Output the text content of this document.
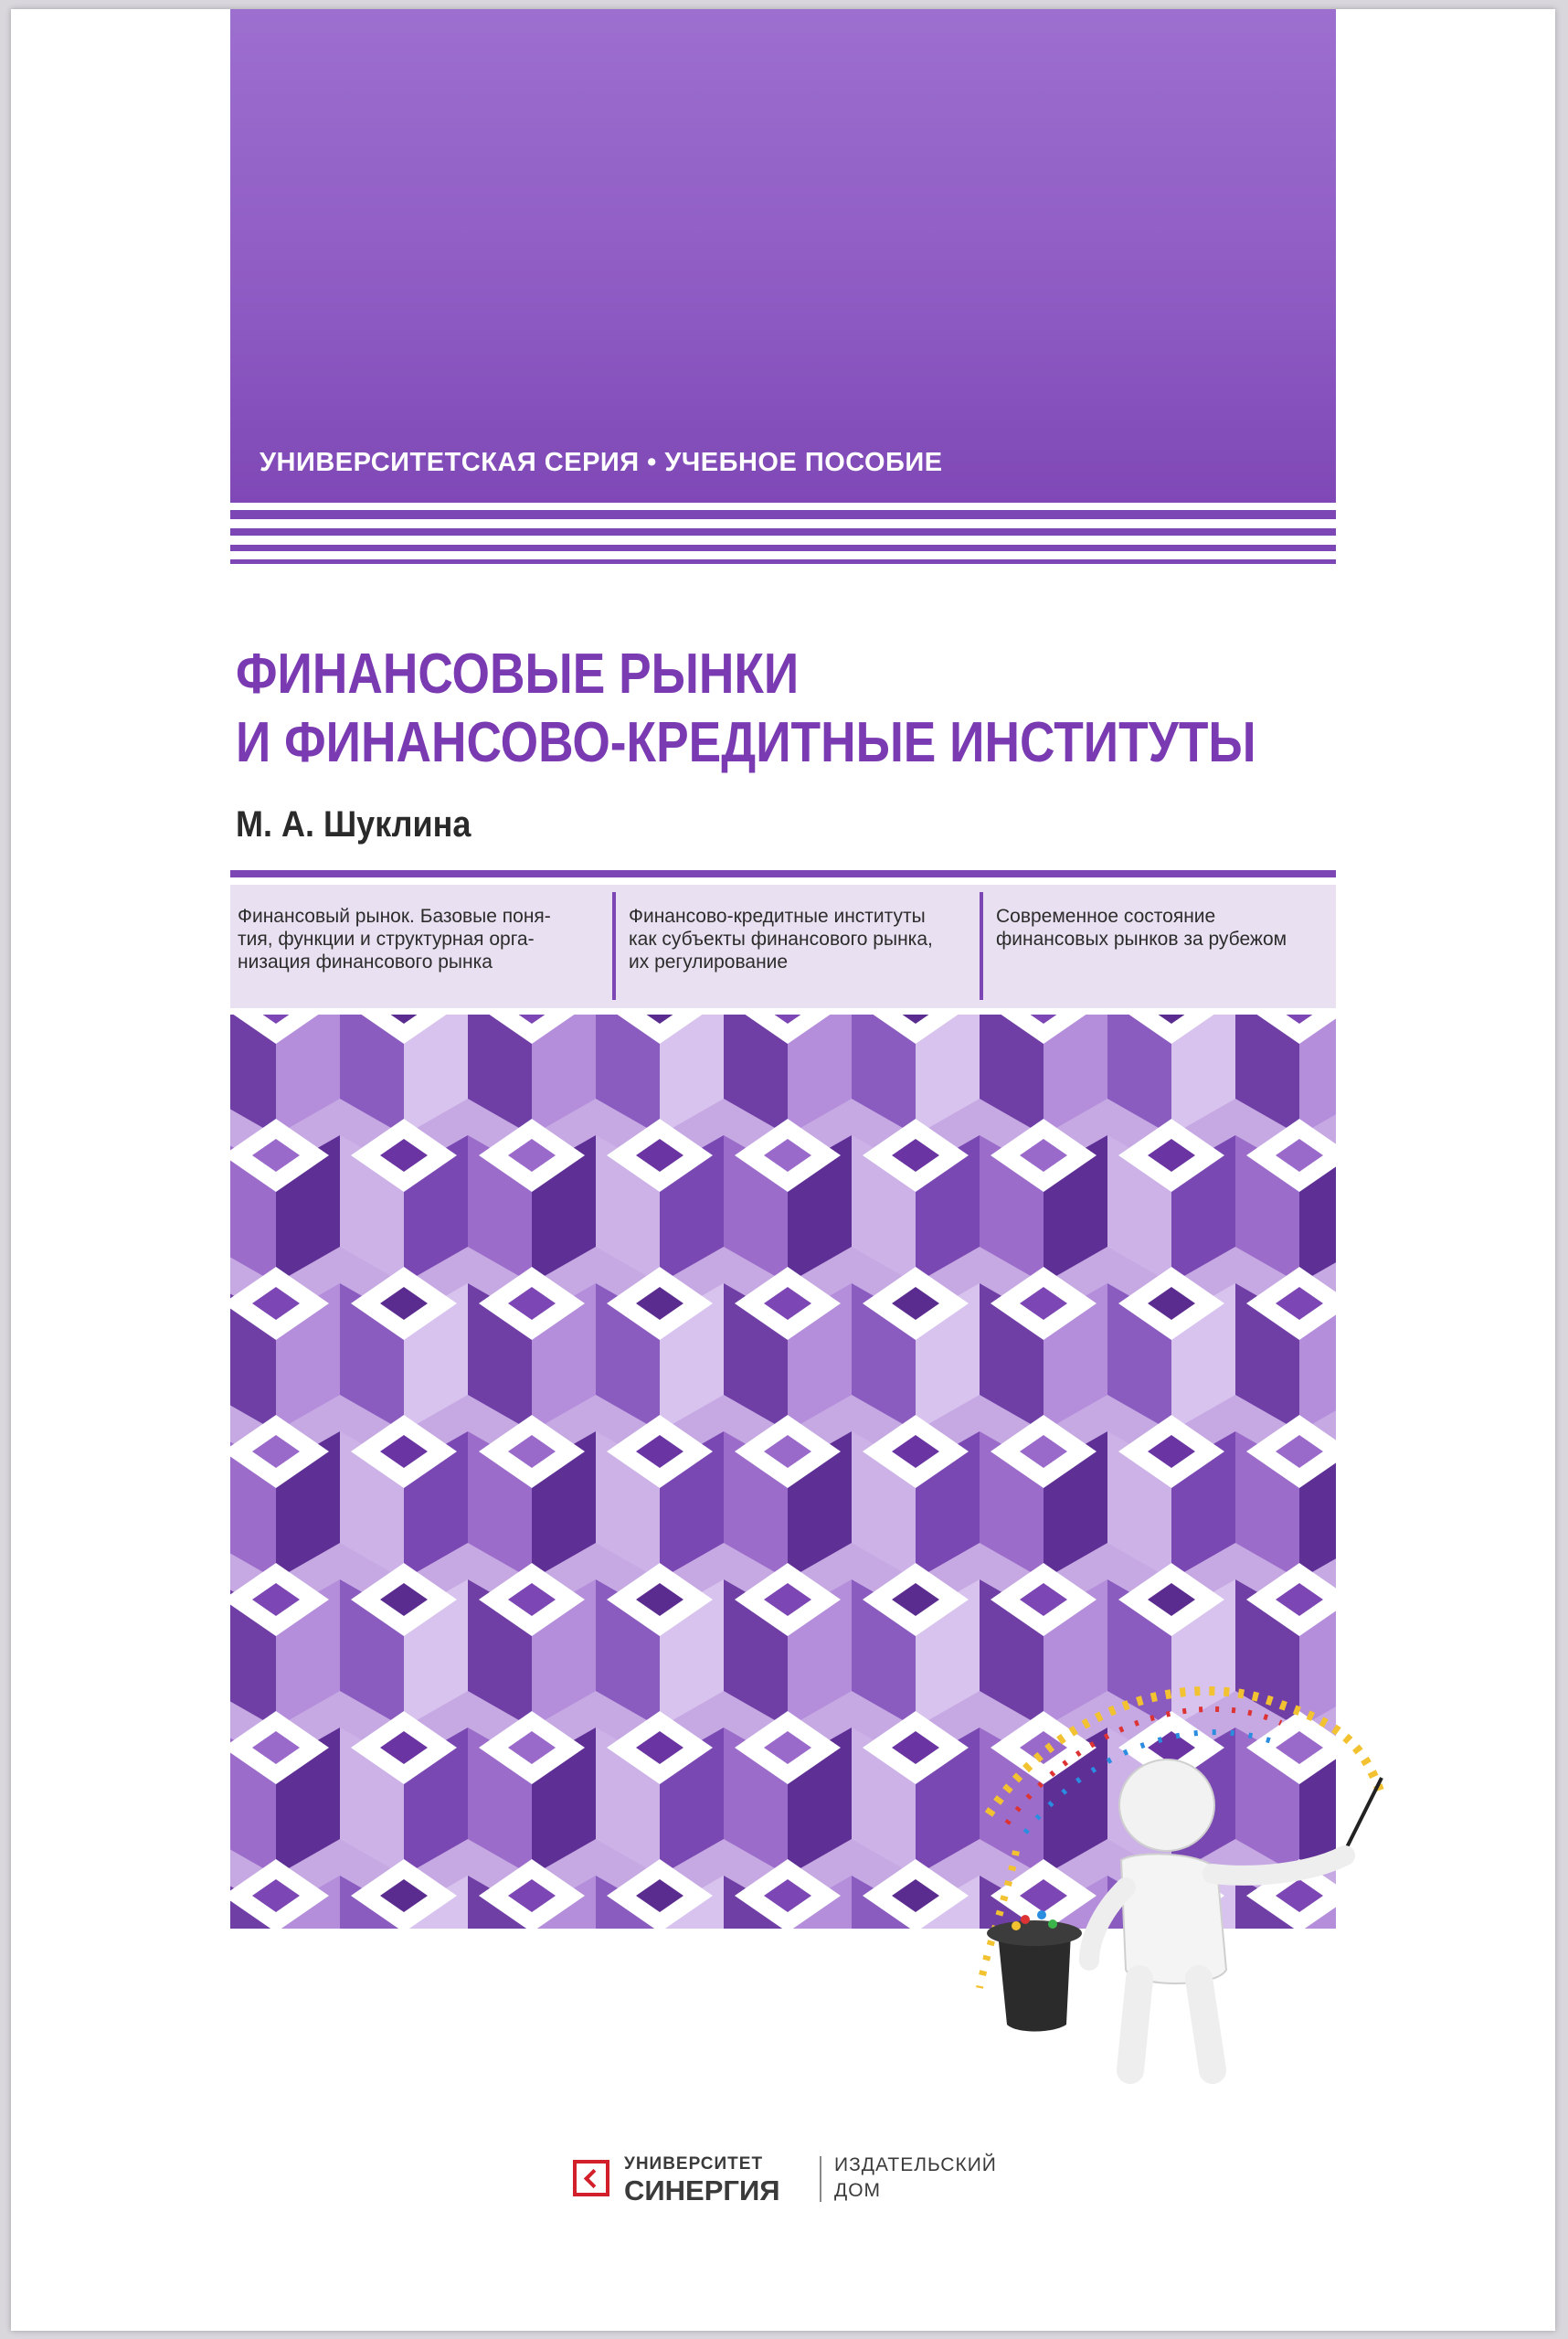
УНИВЕРСИТЕТСКАЯ СЕРИЯ • УЧЕБНОЕ ПОСОБИЕ
ФИНАНСОВЫЕ РЫНКИ
И ФИНАНСОВО-КРЕДИТНЫЕ ИНСТИТУТЫ
М. А. Шуклина
Финансовый рынок. Базовые поня-
тия, функции и структурная орга-
низация финансового рынка
Финансово-кредитные институты
как субъекты финансового рынка,
их регулирование
Современное состояние
финансовых рынков за рубежом
УНИВЕРСИТЕТ
СИНЕРГИЯ
ИЗДАТЕЛЬСКИЙ
ДОМ
